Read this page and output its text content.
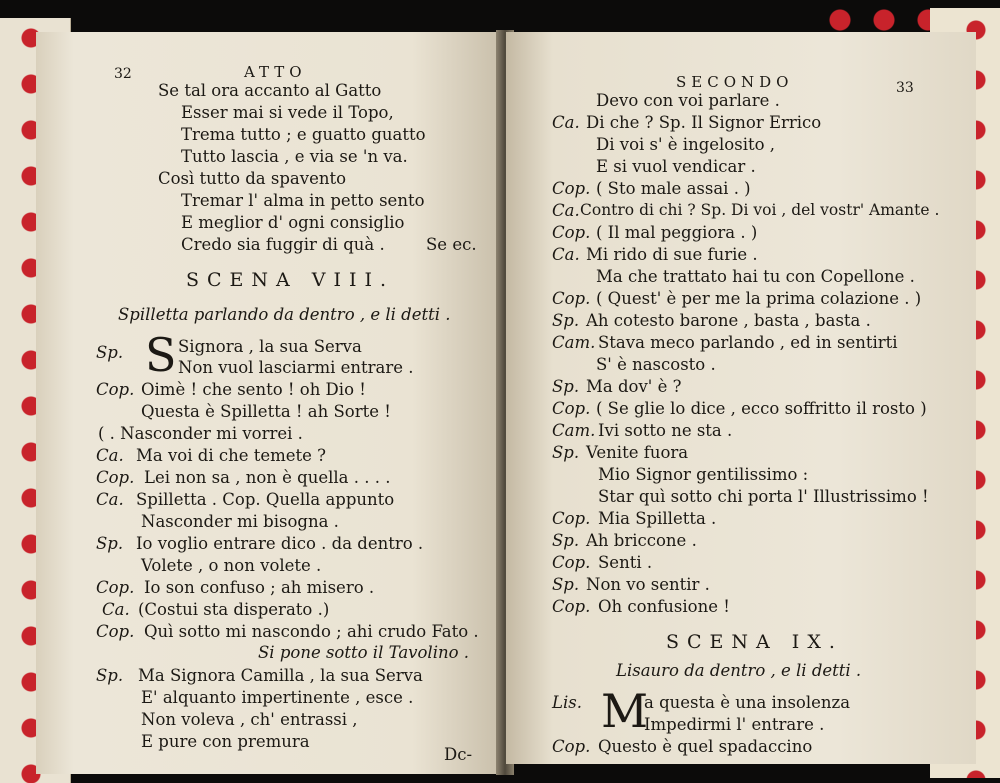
32	ATTO
Se tal ora accanto al Gatto
Esser mai si vede il Topo,
Trema tutto ; e guatto guatto
Tutto lascia , e via se 'n va.
Così tutto da spavento
Tremar l' alma in petto sento
E meglior d' ogni consiglio
Credo sia fuggir di quà .	Se ec.
SCENA VIII.
Spilletta parlando da dentro , e li detti .
S
Sp.	Signora , la sua Serva
Non vuol lasciarmi entrare .
Cop. Oimè ! che sento ! oh Dio !
Questa è Spilletta ! ah Sorte !
( . Nasconder mi vorrei .
Ca. Ma voi di che temete ?
Cop. Lei non sa , non è quella . . . .
Ca. Spilletta . Cop. Quella appunto
Nasconder mi bisogna .
Sp. Io voglio entrare dico . da dentro .
Volete , o non volete .
Cop. Io son confuso ; ah misero .
Ca. (Costui sta disperato .)
Cop. Quì sotto mi nascondo ; ahi crudo Fato .
Si pone sotto il Tavolino .
Sp. Ma Signora Camilla , la sua Serva
E' alquanto impertinente , esce .
Non voleva , ch' entrassi ,
E pure con premura
Dc-
SECONDO	33
Devo con voi parlare .
Ca. Di che ? Sp. Il Signor Errico
Di voi s' è ingelosito ,
E si vuol vendicar .
Cop. ( Sto male assai . )
Ca. Contro di chi ? Sp. Di voi , del vostr' Amante .
Cop. ( Il mal peggiora . )
Ca. Mi rido di sue furie .
Ma che trattato hai tu con Copellone .
Cop. ( Quest' è per me la prima colazione . )
Sp. Ah cotesto barone , basta , basta .
Cam. Stava meco parlando , ed in sentirti
S' è nascosto .
Sp. Ma dov' è ?
Cop. ( Se glie lo dice , ecco soffritto il rosto )
Cam. Ivi sotto ne sta .
Sp. Venite fuora
Mio Signor gentilissimo :
Star quì sotto chi porta l' Illustrissimo !
Cop. Mia Spilletta .
Sp. Ah briccone .
Cop. Senti .
Sp. Non vo sentir .
Cop. Oh confusione !
SCENA IX.
Lisauro da dentro , e li detti .
M
Lis.	a questa è una insolenza
Impedirmi l' entrare .
Cop. Questo è quel spadaccino
